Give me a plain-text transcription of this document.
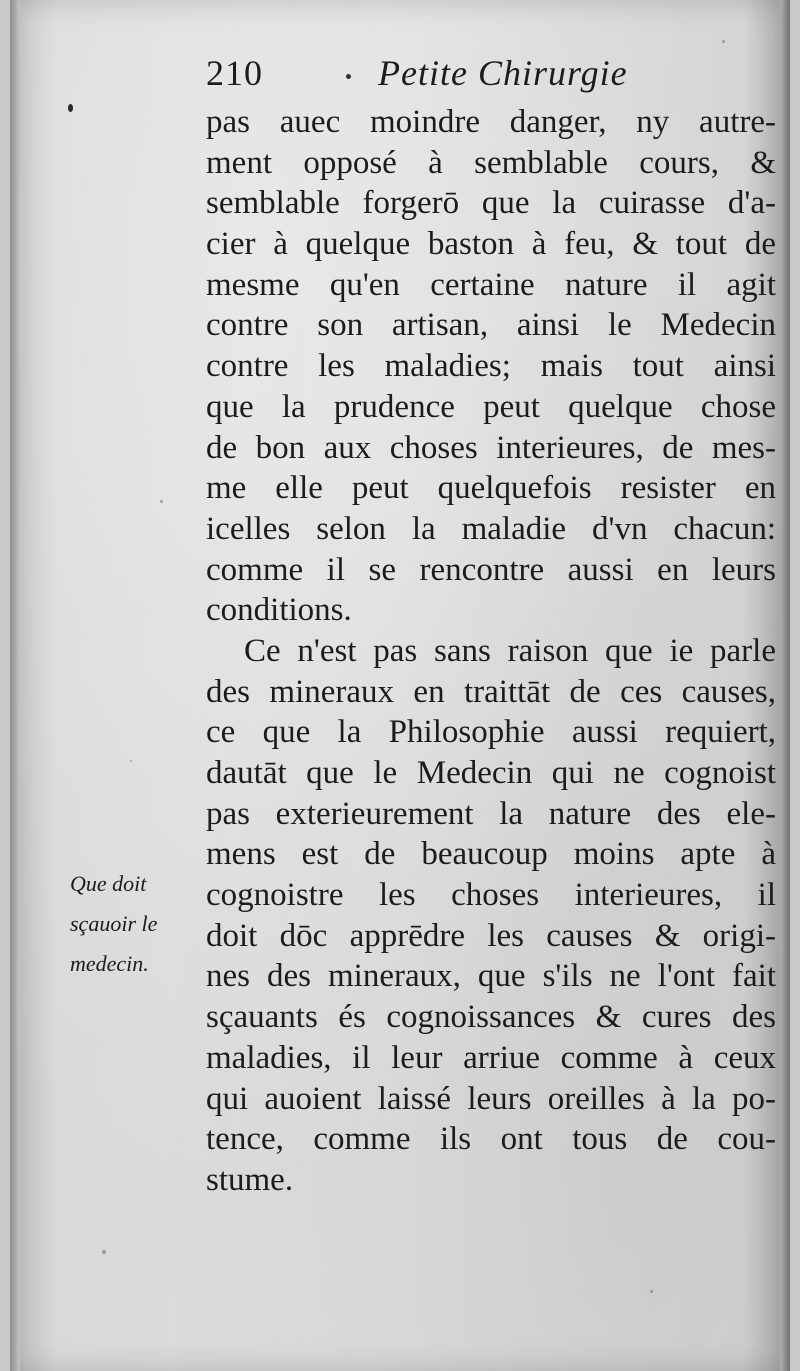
210	Petite Chirurgie
pas auec moindre danger, ny autre-
ment opposé à semblable cours, &
semblable forgerō que la cuirasse d'a-
cier à quelque baston à feu, & tout de
mesme qu'en certaine nature il agit
contre son artisan, ainsi le Medecin
contre les maladies; mais tout ainsi
que la prudence peut quelque chose
de bon aux choses interieures, de mes-
me elle peut quelquefois resister en
icelles selon la maladie d'vn chacun:
comme il se rencontre aussi en leurs
conditions.
Ce n'est pas sans raison que ie parle
des mineraux en traittāt de ces causes,
ce que la Philosophie aussi requiert,
dautāt que le Medecin qui ne cognoist
pas exterieurement la nature des ele-
mens est de beaucoup moins apte à
cognoistre les choses interieures, il
doit dōc apprēdre les causes & origi-
nes des mineraux, que s'ils ne l'ont fait
sçauants és cognoissances & cures des
maladies, il leur arriue comme à ceux
qui auoient laissé leurs oreilles à la po-
tence, comme ils ont tous de cou-
stume.
Que doit
sçauoir le
medecin.
